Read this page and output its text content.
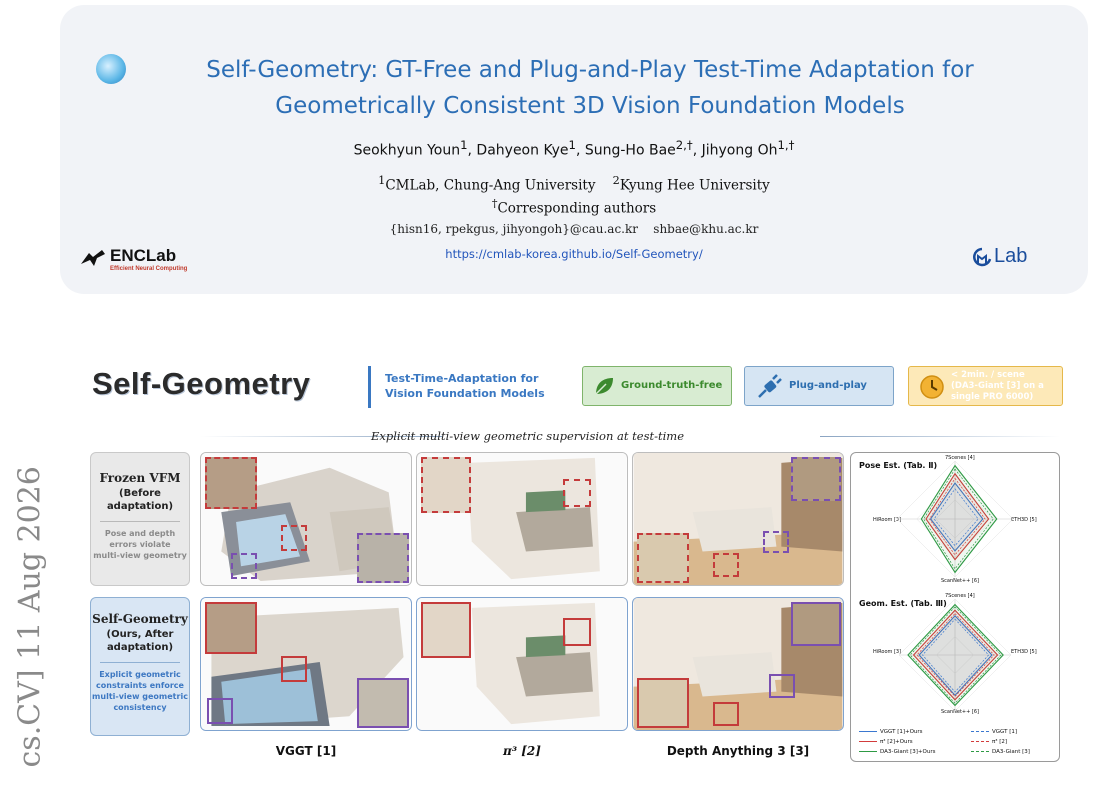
cs.CV] 11 Aug 2026
Self-Geometry: GT-Free and Plug-and-Play Test-Time Adaptation for
Geometrically Consistent 3D Vision Foundation Models
Seokhyun Youn$^1$, Dahyeon Kye$^1$, Sung-Ho Bae$^{2,\dagger}$, Jihyong $Oh^{1,\dagger}$
$^1$CMLab, Chung-Ang University $^2$Kyung Hee University
†Corresponding authors
{hisn16, rpekgus, jihyongoh}@cau.ac.kr shbae@khu.ac.kr
https://cmlab-korea.github.io/Self-Geometry/
ENCLab
Efficient Neural Computing
Lab
Self-Geometry	Test-Time-Adaptation for
Vision Foundation Models
Ground-truth-free	Plug-and-play
< 2min. / scene
(DA3-Giant [3] on a
single PRO 6000)
Explicit multi-view geometric supervision at test-time
Frozen VFM
(Before
adaptation)
Pose and depth
errors violate
multi-view geometry
Self-Geometry
(Ours, After
adaptation)
Explicit geometric
constraints enforce
multi-view geometric
consistency
VGGT [1]	π³ [2]	Depth Anything 3 [3]
Pose Est. (Tab. Ⅱ)
Geom. Est. (Tab. Ⅲ)
7Scenes [4]
ETH3D [5]
ScanNet++ [6]
HiRoom [3]
7Scenes [4]
ETH3D [5]
ScanNet++ [6]
HiRoom [3]
VGGT [1]+Ours
π³ [2]+Ours
DA3-Giant [3]+Ours
VGGT [1]
π³ [2]
DA3-Giant [3]
